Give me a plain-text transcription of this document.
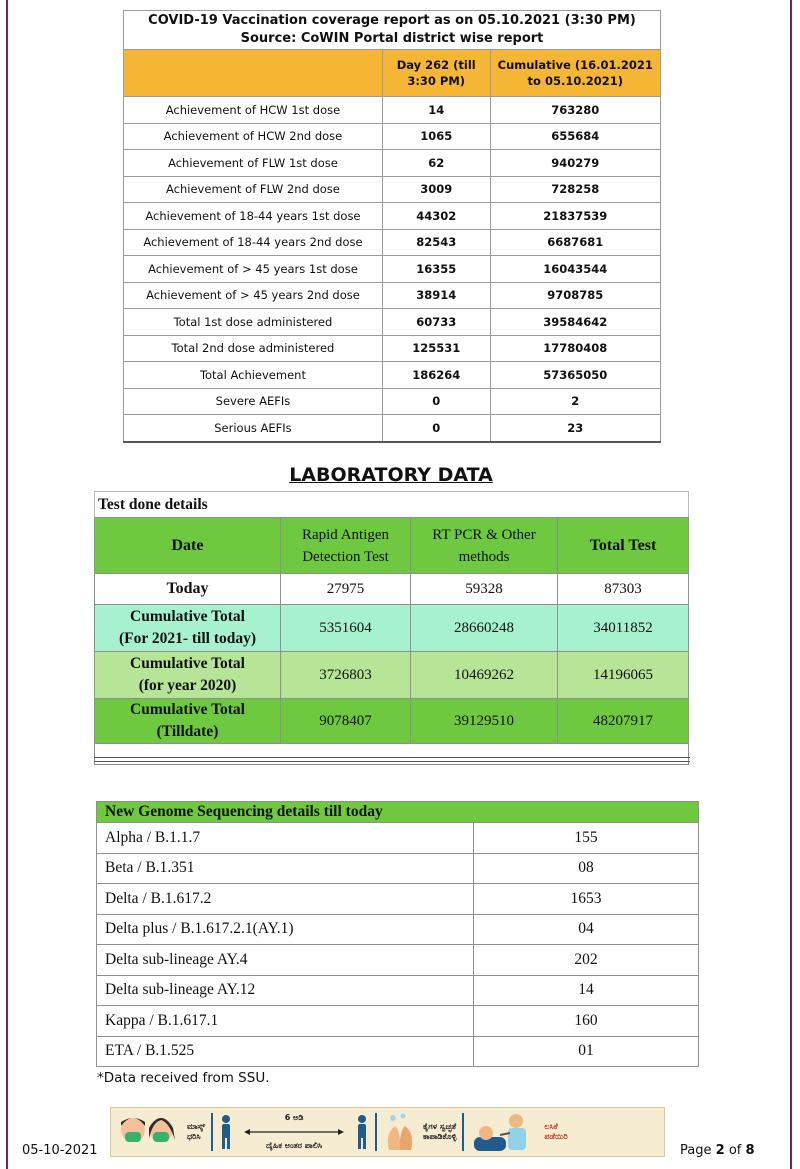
COVID-19 Vaccination coverage report as on 05.10.2021 (3:30 PM)
Source: CoWIN Portal district wise report		

	Day 262 (till 3:30 PM)	Cumulative (16.01.2021 to 05.10.2021)
Achievement of HCW 1st dose	14	763280
Achievement of HCW 2nd dose	1065	655684
Achievement of FLW 1st dose	62	940279
Achievement of FLW 2nd dose	3009	728258
Achievement of 18-44 years 1st dose	44302	21837539
Achievement of 18-44 years 2nd dose	82543	6687681
Achievement of > 45 years 1st dose	16355	16043544
Achievement of > 45 years 2nd dose	38914	9708785
Total 1st dose administered	60733	39584642
Total 2nd dose administered	125531	17780408
Total Achievement	186264	57365050
Severe AEFIs	0	2
Serious AEFIs	0	23
LABORATORY DATA
Test done details			
Date	Rapid Antigen Detection Test	RT PCR & Other methods	Total Test
Today	27975	59328	87303

Cumulative Total
(For 2021- till today)	5351604	28660248	34011852

Cumulative Total
(for year 2020)	3726803	10469262	14196065

Cumulative Total
(Tilldate)	9078407	39129510	48207917

New Genome Sequencing details till today	
Alpha / B.1.1.7	155
Beta / B.1.351	08
Delta / B.1.617.2	1653
Delta plus / B.1.617.2.1(AY.1)	04
Delta sub-lineage AY.4	202
Delta sub-lineage AY.12	14
Kappa / B.1.617.1	160
ETA / B.1.525	01
*Data received from SSU.
05-10-2021
ಮಾಸ್ಕ್
ಧರಿಸಿ
6 ಅಡಿ
ದೈಹಿಕ ಅಂತರ ಪಾಲಿಸಿ
ಕೈಗಳ ಸ್ವಚ್ಛತೆ
ಕಾಪಾಡಿಕೊಳ್ಳಿ
ಲಸಿಕೆ
ಪಡೆಯಿರಿ
Page 2 of 8
